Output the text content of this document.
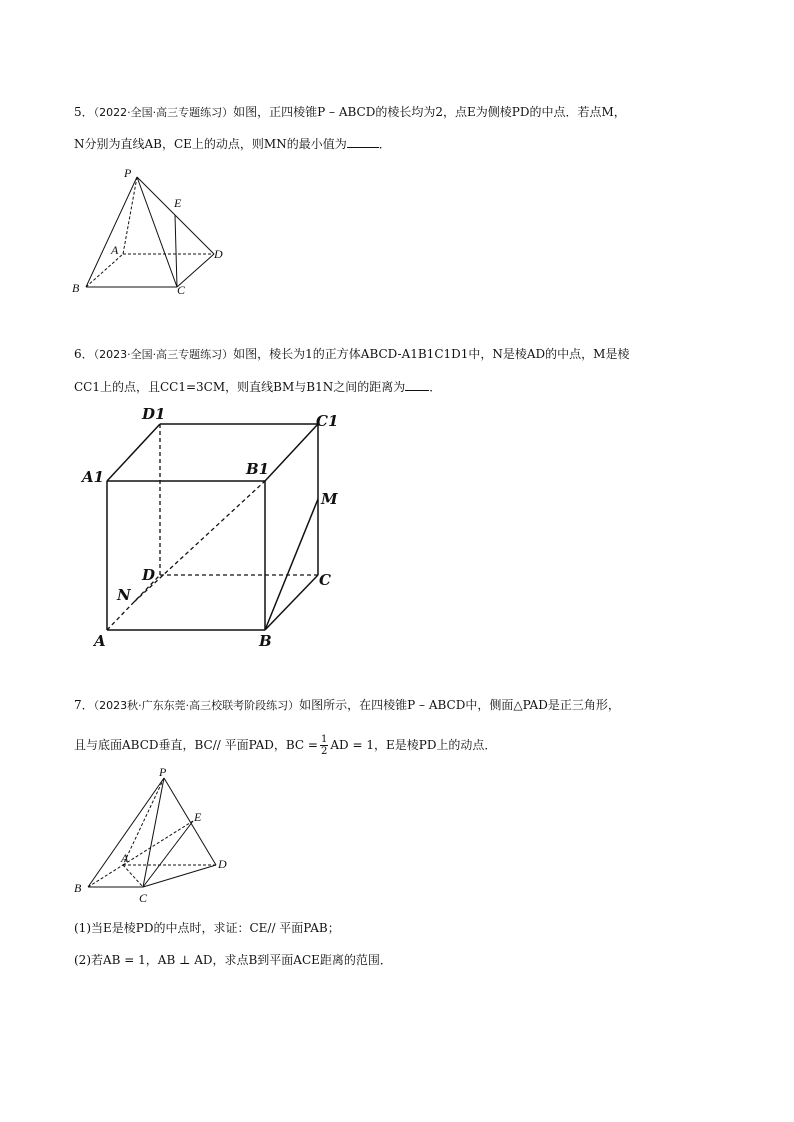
5．（2022·全国·高三专题练习）如图，正四棱锥P – ABCD的棱长均为2，点E为侧棱PD的中点．若点M，
N分别为直线AB，CE上的动点，则MN的最小值为	．
P
E
A	D
B	C
6．（2023·全国·高三专题练习）如图，棱长为1的正方体ABCD-A1B1C1D1中，N是棱AD的中点，M是棱
CC1上的点，且CC1=3CM，则直线BM与B1N之间的距离为 ．
D1	C1
A1	B1
M
D	C
N
A	B
7．（2023秋·广东东莞·高三校联考阶段练习）如图所示，在四棱锥P – ABCD中，侧面△PAD是正三角形，
且与底面ABCD垂直，BC// 平面PAD，BC = $\frac{1}{2}$ AD = 1，E是棱PD上的动点．
P
E
A	D
B
C
(1)当E是棱PD的中点时，求证：CE// 平面PAB；
(2)若AB = 1，AB ⊥ AD，求点B到平面ACE距离的范围．
